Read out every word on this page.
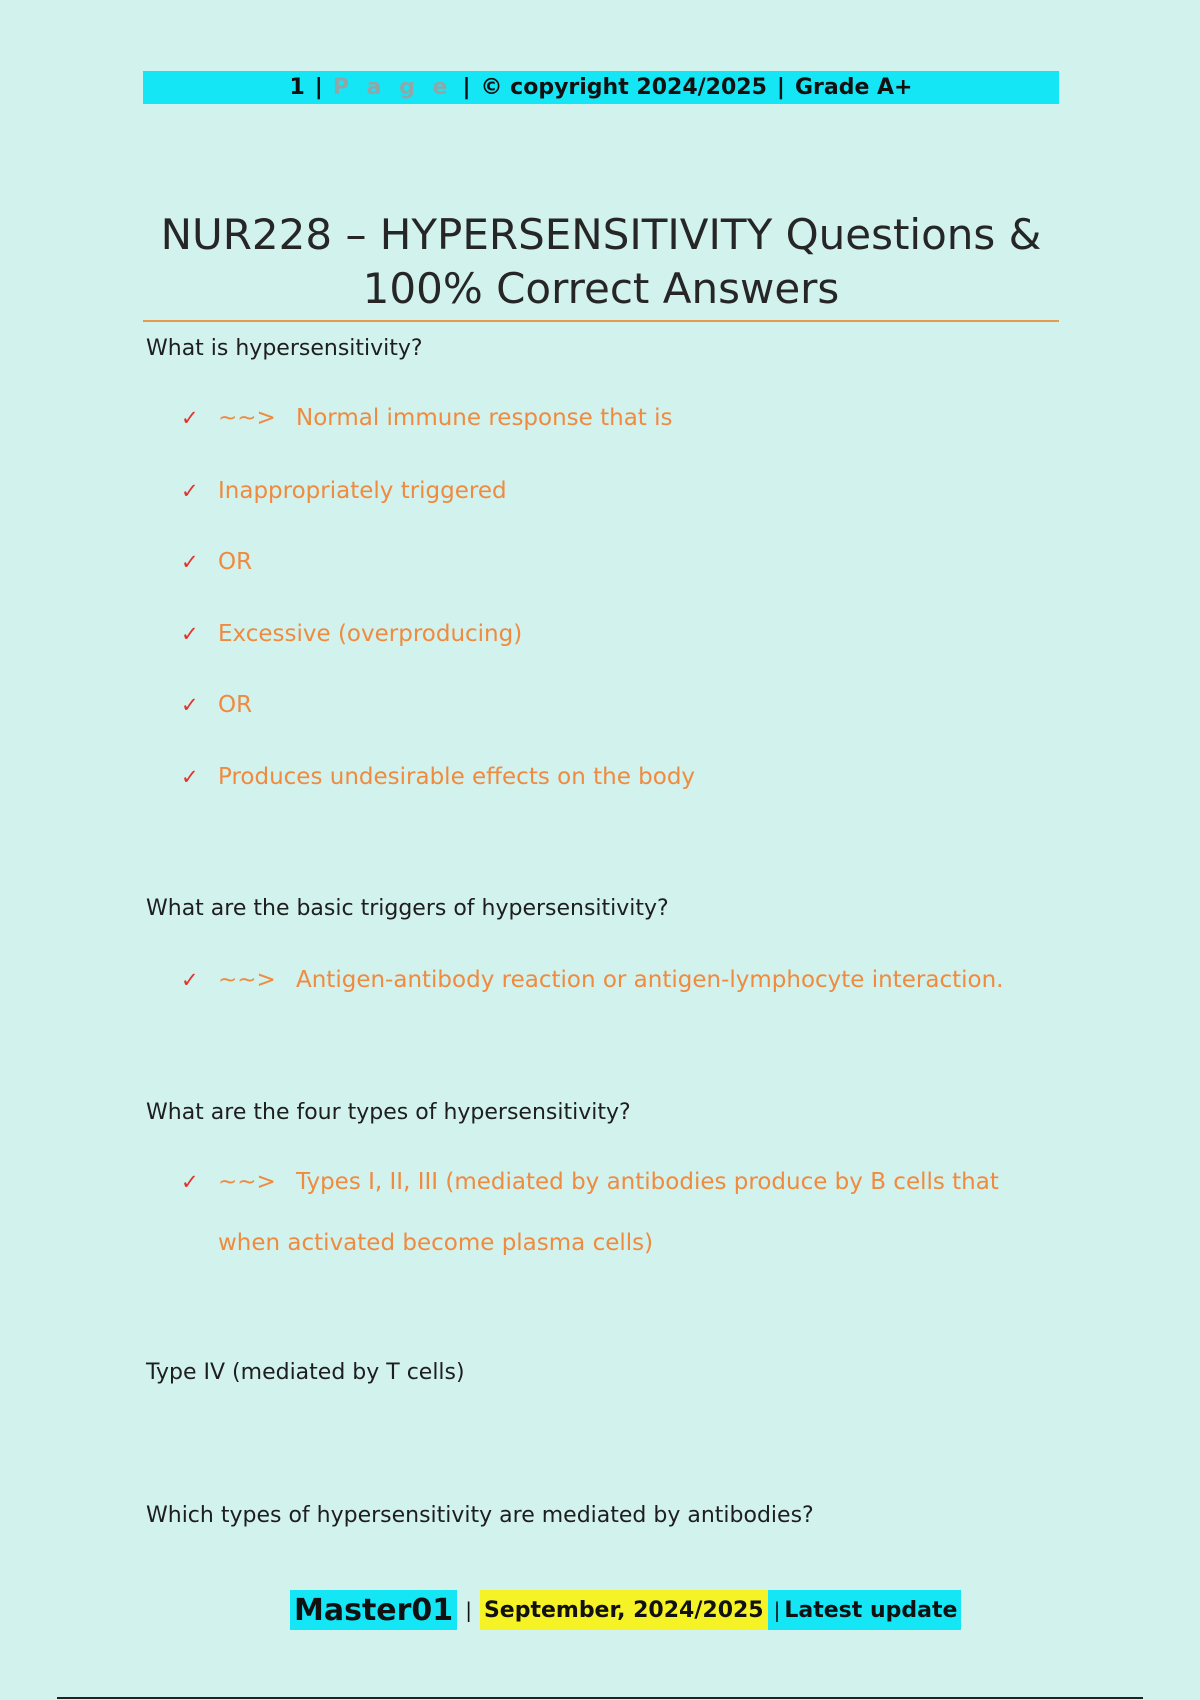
1 | P a g e | © copyright 2024/2025 | Grade A+
NUR228 – HYPERSENSITIVITY Questions &
100% Correct Answers
What is hypersensitivity?
✓ ~~> Normal immune response that is
✓ Inappropriately triggered
✓ OR
✓ Excessive (overproducing)
✓ OR
✓ Produces undesirable effects on the body
What are the basic triggers of hypersensitivity?
✓ ~~> Antigen-antibody reaction or antigen-lymphocyte interaction.
What are the four types of hypersensitivity?
✓ ~~> Types I, II, III (mediated by antibodies produce by B cells that
when activated become plasma cells)
Type IV (mediated by T cells)
Which types of hypersensitivity are mediated by antibodies?
Master01 | September, 2024/2025 | Latest update
